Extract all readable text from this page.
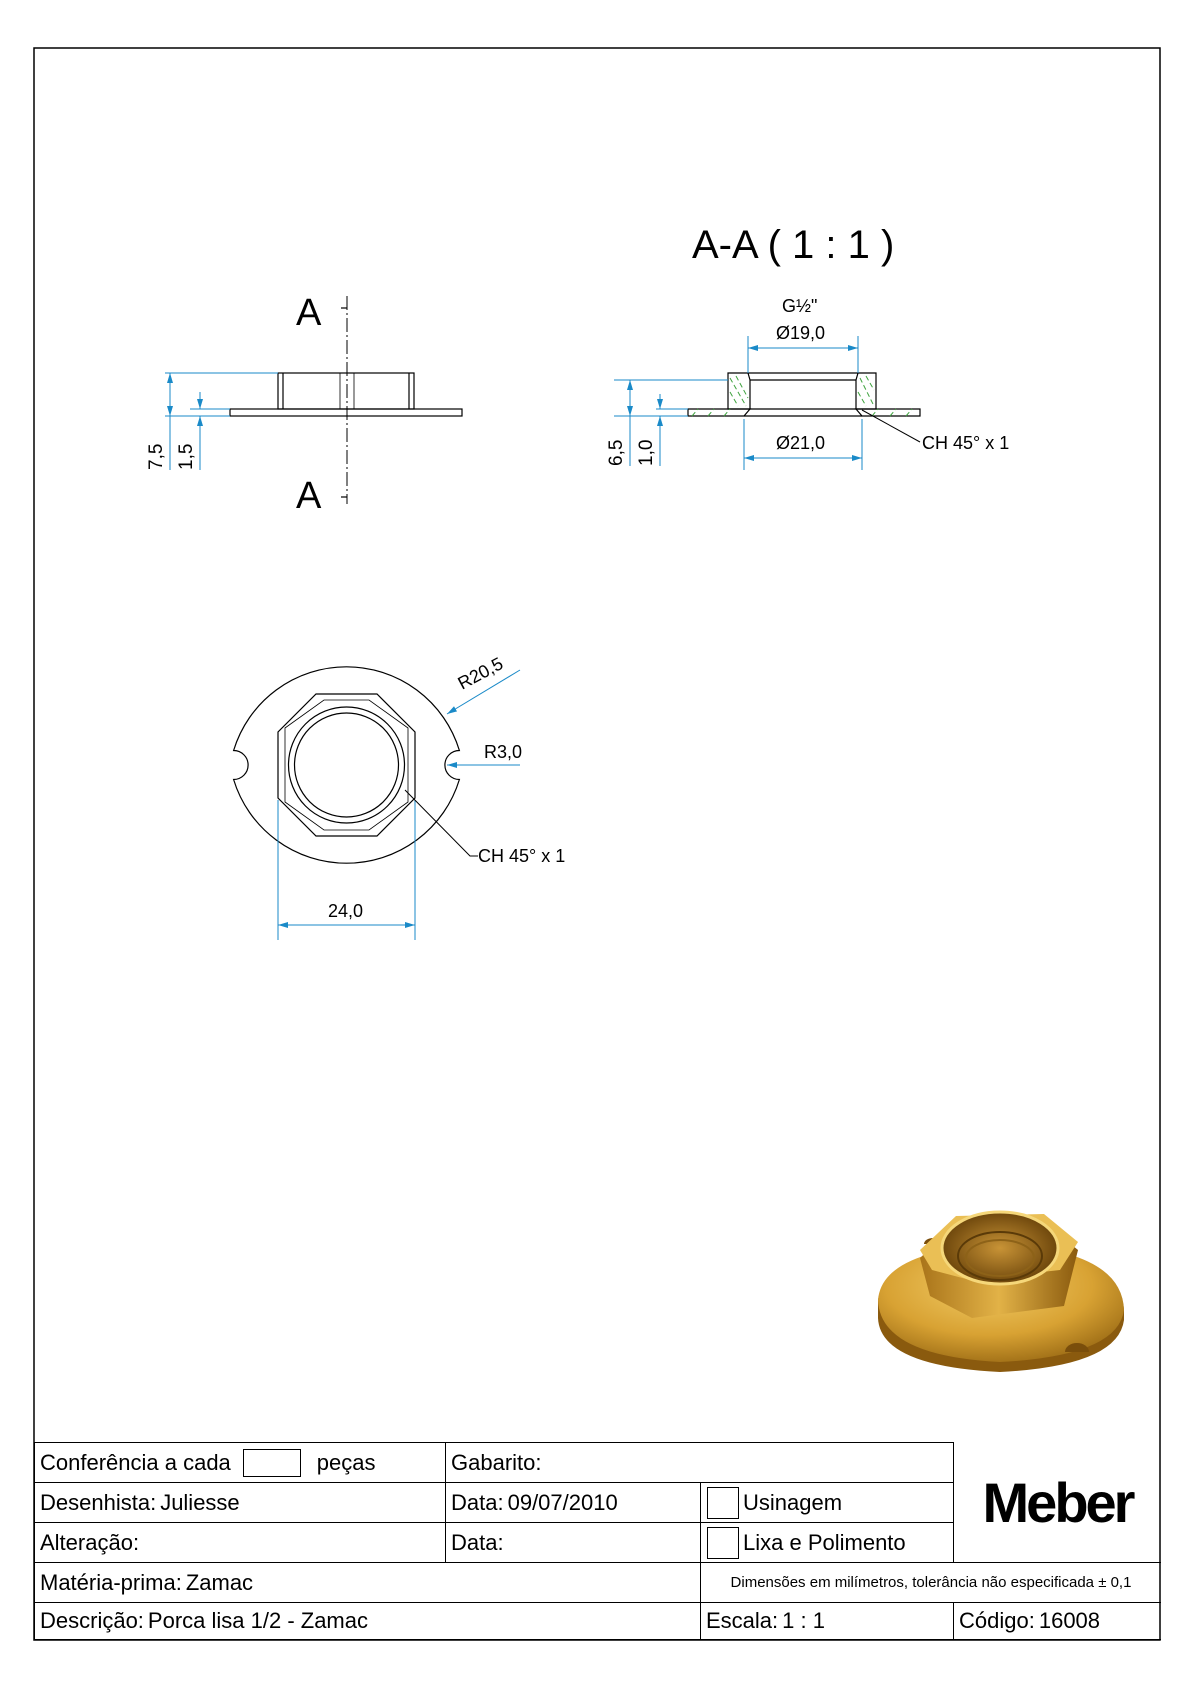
A
A
7,5 1,5
A-A ( 1 : 1 )
G½"
Ø19,0
Ø21,0	CH 45° x 1
6,5 1,0
R20,5
R3,0
CH 45° x 1
24,0
Conferência a cada	peças	Gabarito:
Desenhista: Juliesse	Data: 09/07/2010	Usinagem
Alteração:	Data:	Lixa e Polimento
Meber
Matéria-prima: Zamac	Dimensões em milímetros, tolerância não especificada ± 0,1
Descrição: Porca lisa 1/2 - Zamac	Escala: 1 : 1	Código: 16008
